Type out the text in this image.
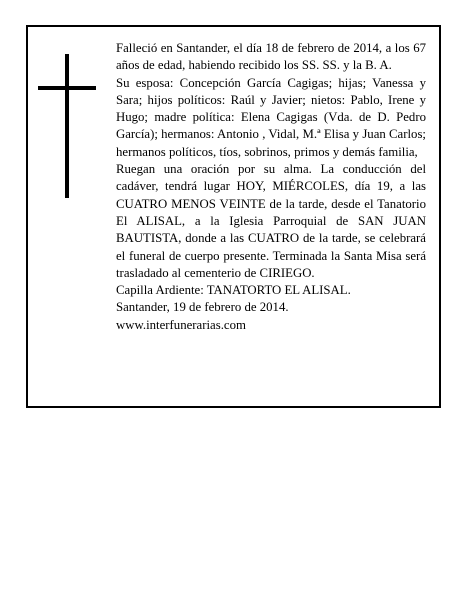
Falleció en Santander, el día 18 de febrero de 2014, a los 67 años de edad, habiendo recibido los SS. SS. y la B. A.

Su esposa: Concepción García Cagigas; hijas; Vanessa y Sara; hijos políticos: Raúl y Javier; nietos: Pablo, Irene y Hugo; madre política: Elena Cagigas (Vda. de D. Pedro García); hermanos: Antonio , Vidal, M.ª Elisa y Juan Carlos; hermanos políticos, tíos, sobrinos, primos y demás familia,

Ruegan una oración por su alma. La conducción del cadáver, tendrá lugar HOY, MIÉRCOLES, día 19, a las CUATRO MENOS VEINTE de la tarde, desde el Tanatorio El ALISAL, a la Iglesia Parroquial de SAN JUAN BAUTISTA, donde a las CUATRO de la tarde, se celebrará el funeral de cuerpo presente. Terminada la Santa Misa será trasladado al cementerio de CIRIEGO.

Capilla Ardiente: TANATORTO EL ALISAL.

Santander, 19 de febrero de 2014.

www.interfunerarias.com
